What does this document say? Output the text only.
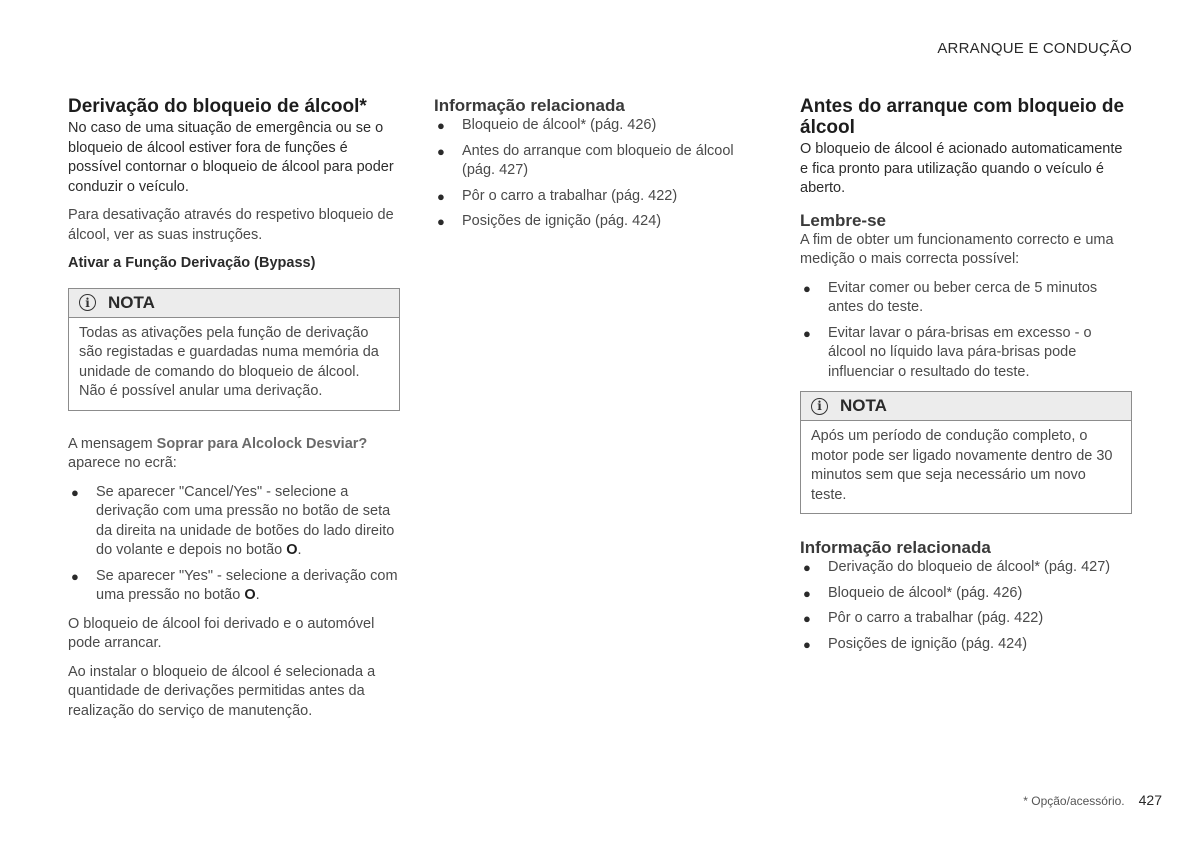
ARRANQUE E CONDUÇÃO
Derivação do bloqueio de álcool*

No caso de uma situação de emergência ou se o bloqueio de álcool estiver fora de funções é possível contornar o bloqueio de álcool para poder conduzir o veículo.

Para desativação através do respetivo bloqueio de álcool, ver as suas instruções.

Ativar a Função Derivação (Bypass)

i	NOTA
Todas as ativações pela função de derivação são registadas e guardadas numa memória da unidade de comando do bloqueio de álcool. Não é possível anular uma derivação.

A mensagem Soprar para Alcolock Desviar? aparece no ecrã:

● Se aparecer "Cancel/Yes" - selecione a derivação com uma pressão no botão de seta da direita na unidade de botões do lado direito do volante e depois no botão O.
● Se aparecer "Yes" - selecione a derivação com uma pressão no botão O.

O bloqueio de álcool foi derivado e o automóvel pode arrancar.

Ao instalar o bloqueio de álcool é selecionada a quantidade de derivações permitidas antes da realização do serviço de manutenção.

Informação relacionada
● Bloqueio de álcool* (pág. 426)
● Antes do arranque com bloqueio de álcool (pág. 427)
● Pôr o carro a trabalhar (pág. 422)
● Posições de ignição (pág. 424)
Antes do arranque com bloqueio de álcool

O bloqueio de álcool é acionado automaticamente e fica pronto para utilização quando o veículo é aberto.

Lembre-se

A fim de obter um funcionamento correcto e uma medição o mais correcta possível:

● Evitar comer ou beber cerca de 5 minutos antes do teste.
● Evitar lavar o pára-brisas em excesso - o álcool no líquido lava pára-brisas pode influenciar o resultado do teste.
i	NOTA
Após um período de condução completo, o motor pode ser ligado novamente dentro de 30 minutos sem que seja necessário um novo teste.
Informação relacionada
● Derivação do bloqueio de álcool* (pág. 427)
● Bloqueio de álcool* (pág. 426)
● Pôr o carro a trabalhar (pág. 422)
● Posições de ignição (pág. 424)
* Opção/acessório. 427
